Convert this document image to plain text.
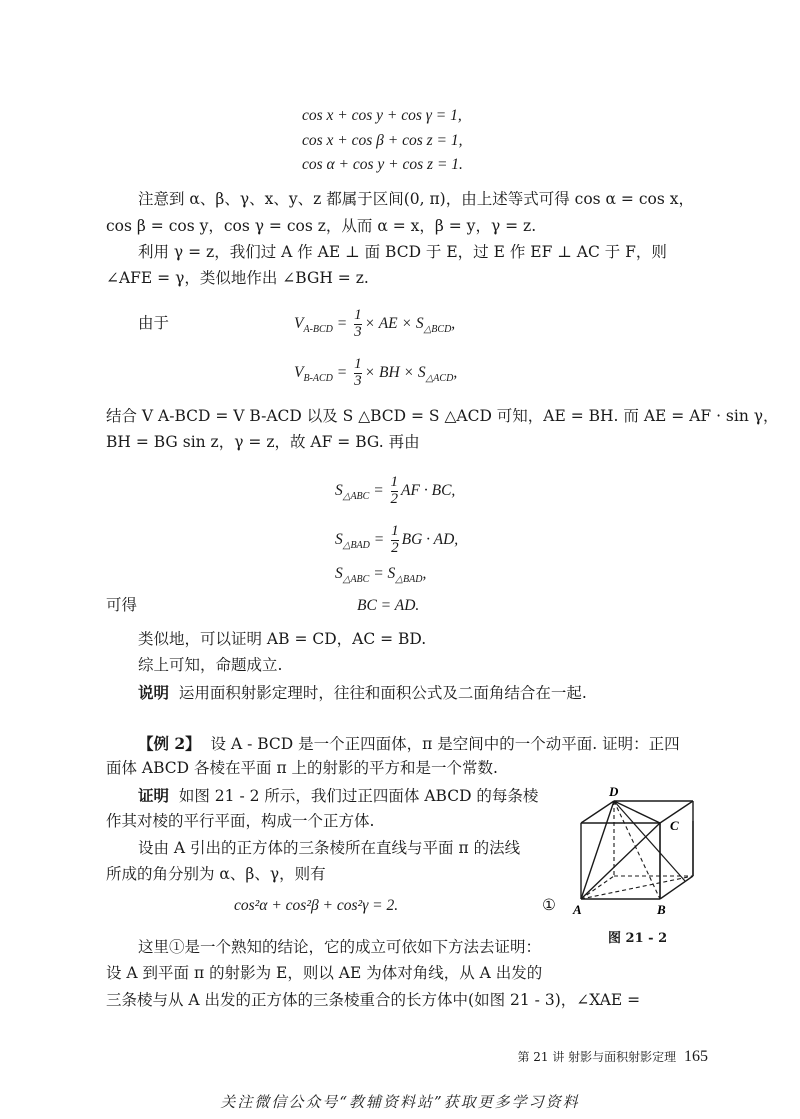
cos x + cos y + cos γ = 1,
cos x + cos β + cos z = 1,
cos α + cos y + cos z = 1.
注意到 α、β、γ、x、y、z 都属于区间(0, π)，由上述等式可得 cos α = cos x，
cos β = cos y，cos γ = cos z，从而 α = x，β = y，γ = z.
利用 γ = z，我们过 A 作 AE ⊥ 面 BCD 于 E，过 E 作 EF ⊥ AC 于 F，则
∠AFE = γ，类似地作出 ∠BGH = z.
由于	$V_{A-BCD} = \frac{1}{3}$ × AE × $S_{\triangle BCD}$,
$V_{B-ACD} = \frac{1}{3}$ × BH × $S_{\triangle ACD}$,
结合 V A-BCD = V B-ACD 以及 S △BCD = S △ACD 可知，AE = BH. 而 AE = AF · sin γ，
BH = BG sin z，γ = z，故 AF = BG. 再由
$S_{\triangle ABC} = \frac{1}{2}$ AF · BC,
$S_{\triangle BAD} = \frac{1}{2}$ BG · AD,
$S_{\triangle ABC} = S_{\triangle BAD}$,
可得	BC = AD.
类似地，可以证明 AB = CD，AC = BD.
综上可知，命题成立.
说明 运用面积射影定理时，往往和面积公式及二面角结合在一起.
【例 2】 设 A - BCD 是一个正四面体，π 是空间中的一个动平面. 证明：正四
面体 ABCD 各棱在平面 π 上的射影的平方和是一个常数.
证明 如图 21 - 2 所示，我们过正四面体 ABCD 的每条棱
作其对棱的平行平面，构成一个正方体.
设由 A 引出的正方体的三条棱所在直线与平面 π 的法线
所成的角分别为 α、β、γ，则有
cos²α + cos²β + cos²γ = 2.	①
D
C
A	B
图 21 - 2
这里①是一个熟知的结论，它的成立可依如下方法去证明：
设 A 到平面 π 的射影为 E，则以 AE 为体对角线，从 A 出发的
三条棱与从 A 出发的正方体的三条棱重合的长方体中(如图 21 - 3)，∠XAE =
第 21 讲 射影与面积射影定理 165
关注微信公众号“教辅资料站”获取更多学习资料
